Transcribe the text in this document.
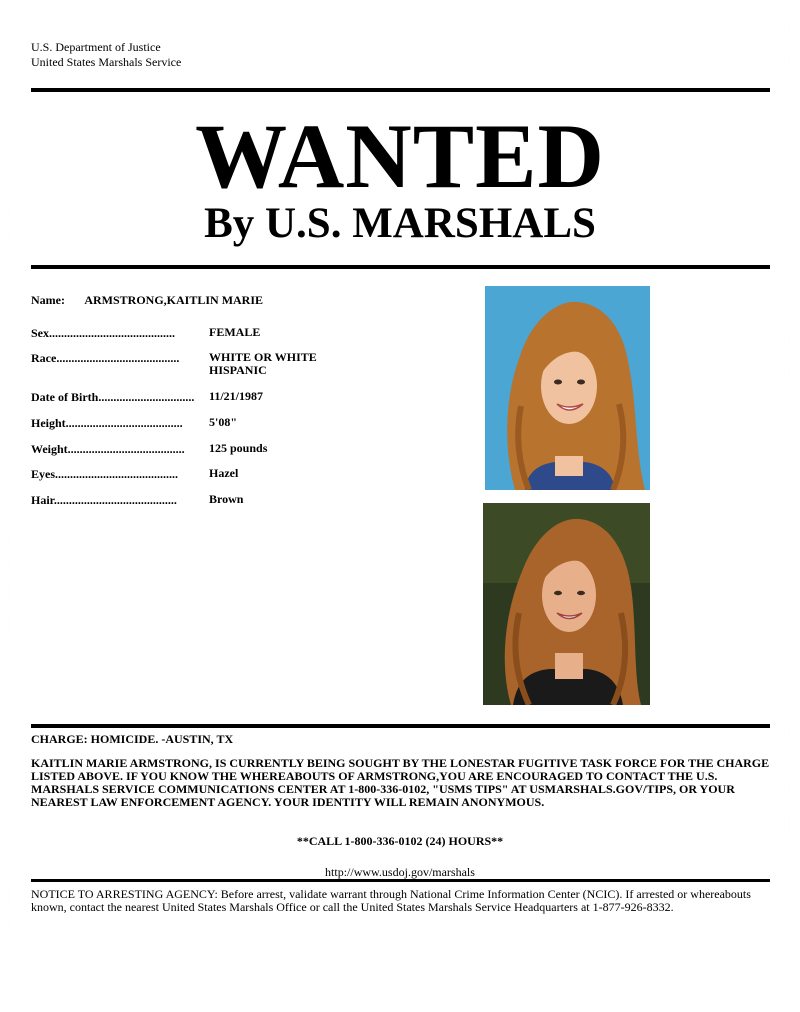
U.S. Department of Justice
United States Marshals Service
WANTED
By U.S. MARSHALS
Name: ARMSTRONG,KAITLIN MARIE
Sex..........................................	FEMALE
Race......................................... WHITE OR WHITE HISPANIC
Date of Birth................................ 11/21/1987
Height....................................... 5'08"
Weight....................................... 125 pounds
Eyes.........................................	Hazel
Hair.........................................	Brown
CHARGE: HOMICIDE. -AUSTIN, TX
KAITLIN MARIE ARMSTRONG, IS CURRENTLY BEING SOUGHT BY THE LONESTAR FUGITIVE TASK FORCE FOR THE CHARGE LISTED ABOVE. IF YOU KNOW THE WHEREABOUTS OF ARMSTRONG,YOU ARE ENCOURAGED TO CONTACT THE U.S. MARSHALS SERVICE COMMUNICATIONS CENTER AT 1-800-336-0102, "USMS TIPS" AT USMARSHALS.GOV/TIPS, OR YOUR NEAREST LAW ENFORCEMENT AGENCY. YOUR IDENTITY WILL REMAIN ANONYMOUS.
**CALL 1-800-336-0102 (24) HOURS**
http://www.usdoj.gov/marshals
NOTICE TO ARRESTING AGENCY: Before arrest, validate warrant through National Crime Information Center (NCIC). If arrested or whereabouts known, contact the nearest United States Marshals Office or call the United States Marshals Service Headquarters at 1-877-926-8332.
